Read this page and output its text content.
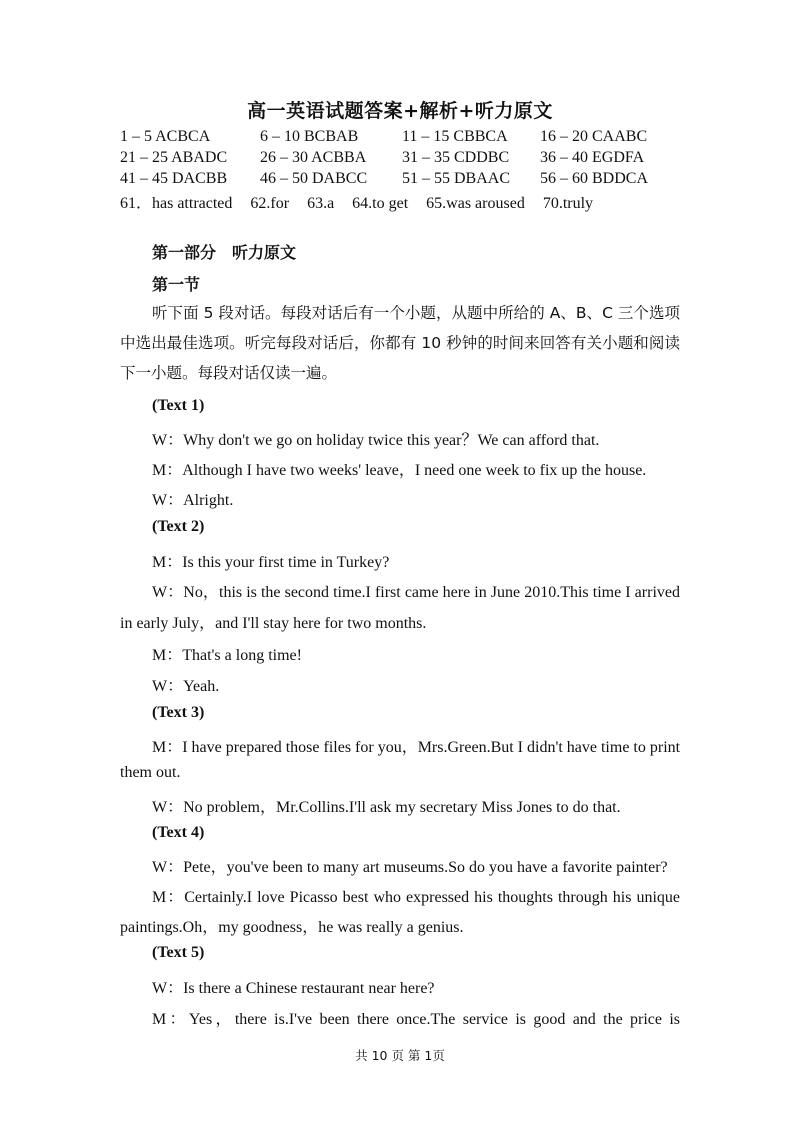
高一英语试题答案+解析+听力原文
1 – 5 ACBCA	6 – 10 BCBAB	11 – 15 CBBCA 16 – 20 CAABC
21 – 25 ABADC 26 – 30 ACBBA 31 – 35 CDDBC 36 – 40 EGDFA
41 – 45 DACBB 46 – 50 DABCC 51 – 55 DBAAC 56 – 60 BDDCA
61．has attracted 62.for 63.a 64.to get 65.was aroused 70.truly
第一部分　听力原文
第一节
听下面 5 段对话。每段对话后有一个小题，从题中所给的 A、B、C 三个选项中选出最佳选项。听完每段对话后，你都有 10 秒钟的时间来回答有关小题和阅读下一小题。每段对话仅读一遍。
(Text 1)
W：Why don't we go on holiday twice this year？We can afford that.
M：Although I have two weeks' leave，I need one week to fix up the house.
W：Alright.
(Text 2)
M：Is this your first time in Turkey?
W：No，this is the second time.I first came here in June 2010.This time I arrived
in early July，and I'll stay here for two months.
M：That's a long time!
W：Yeah.
(Text 3)
M：I have prepared those files for you，Mrs.Green.But I didn't have time to print
them out.
W：No problem，Mr.Collins.I'll ask my secretary Miss Jones to do that.
(Text 4)
W：Pete，you've been to many art museums.So do you have a favorite painter?
M：Certainly.I love Picasso best who expressed his thoughts through his unique
paintings.Oh，my goodness，he was really a genius.
(Text 5)
W：Is there a Chinese restaurant near here?
M：Yes，there is.I've been there once.The service is good and the price is
共 10 页 第 1页
